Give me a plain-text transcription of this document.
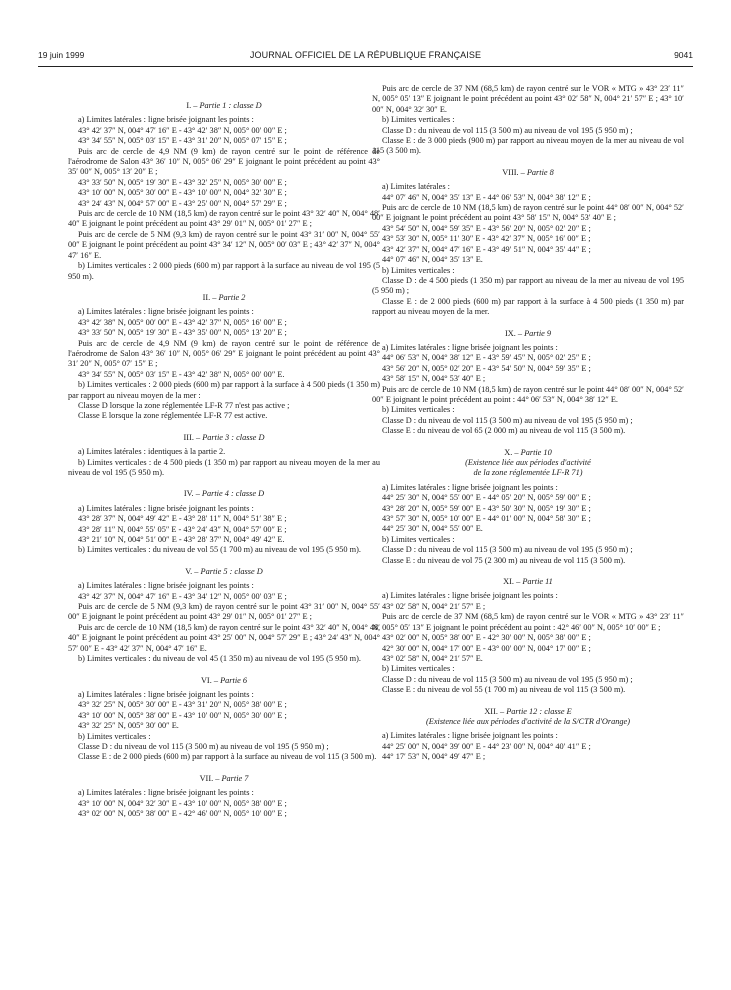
19 juin 1999	JOURNAL OFFICIEL DE LA RÉPUBLIQUE FRANÇAISE	9041

I. – Partie 1 : classe D

a) Limites latérales : ligne brisée joignant les points :

43° 42′ 37″ N, 004° 47′ 16″ E - 43° 42′ 38″ N, 005° 00′ 00″ E ;

43° 34′ 55″ N, 005° 03′ 15″ E - 43° 31′ 20″ N, 005° 07′ 15″ E ;

Puis arc de cercle de 4,9 NM (9 km) de rayon centré sur le point de référence de l'aérodrome de Salon 43° 36′ 10″ N, 005° 06′ 29″ E joignant le point précédent au point 43° 35′ 00″ N, 005° 13′ 20″ E ;

43° 33′ 50″ N, 005° 19′ 30″ E - 43° 32′ 25″ N, 005° 30′ 00″ E ;

43° 10′ 00″ N, 005° 30′ 00″ E - 43° 10′ 00″ N, 004° 32′ 30″ E ;

43° 24′ 43″ N, 004° 57′ 00″ E - 43° 25′ 00″ N, 004° 57′ 29″ E ;

Puis arc de cercle de 10 NM (18,5 km) de rayon centré sur le point 43° 32′ 40″ N, 004° 48′ 40″ E joignant le point précédent au point 43° 29′ 01″ N, 005° 01′ 27″ E ;

Puis arc de cercle de 5 NM (9,3 km) de rayon centré sur le point 43° 31′ 00″ N, 004° 55′ 00″ E joignant le point précédent au point 43° 34′ 12″ N, 005° 00′ 03″ E ; 43° 42′ 37″ N, 004° 47′ 16″ E.

b) Limites verticales : 2 000 pieds (600 m) par rapport à la surface au niveau de vol 195 (5 950 m).

II. – Partie 2

a) Limites latérales : ligne brisée joignant les points :

43° 42′ 38″ N, 005° 00′ 00″ E - 43° 42′ 37″ N, 005° 16′ 00″ E ;

43° 33′ 50″ N, 005° 19′ 30″ E - 43° 35′ 00″ N, 005° 13′ 20″ E ;

Puis arc de cercle de 4,9 NM (9 km) de rayon centré sur le point de référence de l'aérodrome de Salon 43° 36′ 10″ N, 005° 06′ 29″ E joignant le point précédent au point 43° 31′ 20″ N, 005° 07′ 15″ E ;

43° 34′ 55″ N, 005° 03′ 15″ E - 43° 42′ 38″ N, 005° 00′ 00″ E.

b) Limites verticales : 2 000 pieds (600 m) par rapport à la surface à 4 500 pieds (1 350 m) par rapport au niveau moyen de la mer :

Classe D lorsque la zone réglementée LF-R 77 n'est pas active ;

Classe E lorsque la zone réglementée LF-R 77 est active.

III. – Partie 3 : classe D

a) Limites latérales : identiques à la partie 2.

b) Limites verticales : de 4 500 pieds (1 350 m) par rapport au niveau moyen de la mer au niveau de vol 195 (5 950 m).

IV. – Partie 4 : classe D

a) Limites latérales : ligne brisée joignant les points :

43° 28′ 37″ N, 004° 49′ 42″ E - 43° 28′ 11″ N, 004° 51′ 38″ E ;

43° 28′ 11″ N, 004° 55′ 05″ E - 43° 24′ 43″ N, 004° 57′ 00″ E ;

43° 21′ 10″ N, 004° 51′ 00″ E - 43° 28′ 37″ N, 004° 49′ 42″ E.

b) Limites verticales : du niveau de vol 55 (1 700 m) au niveau de vol 195 (5 950 m).

V. – Partie 5 : classe D

a) Limites latérales : ligne brisée joignant les points :

43° 42′ 37″ N, 004° 47′ 16″ E - 43° 34′ 12″ N, 005° 00′ 03″ E ;

Puis arc de cercle de 5 NM (9,3 km) de rayon centré sur le point 43° 31′ 00″ N, 004° 55′ 00″ E joignant le point précédent au point 43° 29′ 01″ N, 005° 01′ 27″ E ;

Puis arc de cercle de 10 NM (18,5 km) de rayon centré sur le point 43° 32′ 40″ N, 004° 48′ 40″ E joignant le point précédent au point 43° 25′ 00″ N, 004° 57′ 29″ E ; 43° 24′ 43″ N, 004° 57′ 00″ E - 43° 42′ 37″ N, 004° 47′ 16″ E.

b) Limites verticales : du niveau de vol 45 (1 350 m) au niveau de vol 195 (5 950 m).

VI. – Partie 6

a) Limites latérales : ligne brisée joignant les points :

43° 32′ 25″ N, 005° 30′ 00″ E - 43° 31′ 20″ N, 005° 38′ 00″ E ;

43° 10′ 00″ N, 005° 38′ 00″ E - 43° 10′ 00″ N, 005° 30′ 00″ E ;

43° 32′ 25″ N, 005° 30′ 00″ E.

b) Limites verticales :

Classe D : du niveau de vol 115 (3 500 m) au niveau de vol 195 (5 950 m) ;

Classe E : de 2 000 pieds (600 m) par rapport à la surface au niveau de vol 115 (3 500 m).

VII. – Partie 7

a) Limites latérales : ligne brisée joignant les points :

43° 10′ 00″ N, 004° 32′ 30″ E - 43° 10′ 00″ N, 005° 38′ 00″ E ;

43° 02′ 00″ N, 005° 38′ 00″ E - 42° 46′ 00″ N, 005° 10′ 00″ E ;

Puis arc de cercle de 37 NM (68,5 km) de rayon centré sur le VOR « MTG » 43° 23′ 11″ N, 005° 05′ 13″ E joignant le point précédent au point 43° 02′ 58″ N, 004° 21′ 57″ E ; 43° 10′ 00″ N, 004° 32′ 30″ E.

b) Limites verticales :

Classe D : du niveau de vol 115 (3 500 m) au niveau de vol 195 (5 950 m) ;

Classe E : de 3 000 pieds (900 m) par rapport au niveau moyen de la mer au niveau de vol 115 (3 500 m).

VIII. – Partie 8

a) Limites latérales :

44° 07′ 46″ N, 004° 35′ 13″ E - 44° 06′ 53″ N, 004° 38′ 12″ E ;

Puis arc de cercle de 10 NM (18,5 km) de rayon centré sur le point 44° 08′ 00″ N, 004° 52′ 00″ E joignant le point précédent au point 43° 58′ 15″ N, 004° 53′ 40″ E ;

43° 54′ 50″ N, 004° 59′ 35″ E - 43° 56′ 20″ N, 005° 02′ 20″ E ;

43° 53′ 30″ N, 005° 11′ 30″ E - 43° 42′ 37″ N, 005° 16′ 00″ E ;

43° 42′ 37″ N, 004° 47′ 16″ E - 43° 49′ 51″ N, 004° 35′ 44″ E ;

44° 07′ 46″ N, 004° 35′ 13″ E.

b) Limites verticales :

Classe D : de 4 500 pieds (1 350 m) par rapport au niveau de la mer au niveau de vol 195 (5 950 m) ;

Classe E : de 2 000 pieds (600 m) par rapport à la surface à 4 500 pieds (1 350 m) par rapport au niveau moyen de la mer.

IX. – Partie 9

a) Limites latérales : ligne brisée joignant les points :

44° 06′ 53″ N, 004° 38′ 12″ E - 43° 59′ 45″ N, 005° 02′ 25″ E ;

43° 56′ 20″ N, 005° 02′ 20″ E - 43° 54′ 50″ N, 004° 59′ 35″ E ;

43° 58′ 15″ N, 004° 53′ 40″ E ;

Puis arc de cercle de 10 NM (18,5 km) de rayon centré sur le point 44° 08′ 00″ N, 004° 52′ 00″ E joignant le point précédent au point : 44° 06′ 53″ N, 004° 38′ 12″ E.

b) Limites verticales :

Classe D : du niveau de vol 115 (3 500 m) au niveau de vol 195 (5 950 m) ;

Classe E : du niveau de vol 65 (2 000 m) au niveau de vol 115 (3 500 m).

X. – Partie 10

(Existence liée aux périodes d'activité

de la zone réglementée LF-R 71)

a) Limites latérales : ligne brisée joignant les points :

44° 25′ 30″ N, 004° 55′ 00″ E - 44° 05′ 20″ N, 005° 59′ 00″ E ;

43° 28′ 20″ N, 005° 59′ 00″ E - 43° 50′ 30″ N, 005° 19′ 30″ E ;

43° 57′ 30″ N, 005° 10′ 00″ E - 44° 01′ 00″ N, 004° 58′ 30″ E ;

44° 25′ 30″ N, 004° 55′ 00″ E.

b) Limites verticales :

Classe D : du niveau de vol 115 (3 500 m) au niveau de vol 195 (5 950 m) ;

Classe E : du niveau de vol 75 (2 300 m) au niveau de vol 115 (3 500 m).

XI. – Partie 11

a) Limites latérales : ligne brisée joignant les points :

43° 02′ 58″ N, 004° 21′ 57″ E ;

Puis arc de cercle de 37 NM (68,5 km) de rayon centré sur le VOR « MTG » 43° 23′ 11″ N, 005° 05′ 13″ E joignant le point précédent au point : 42° 46′ 00″ N, 005° 10′ 00″ E ;

43° 02′ 00″ N, 005° 38′ 00″ E - 42° 30′ 00″ N, 005° 38′ 00″ E ;

42° 30′ 00″ N, 004° 17′ 00″ E - 43° 00′ 00″ N, 004° 17′ 00″ E ;

43° 02′ 58″ N, 004° 21′ 57″ E.

b) Limites verticales :

Classe D : du niveau de vol 115 (3 500 m) au niveau de vol 195 (5 950 m) ;

Classe E : du niveau de vol 55 (1 700 m) au niveau de vol 115 (3 500 m).

XII. – Partie 12 : classe E

(Existence liée aux périodes d'activité de la S/CTR d'Orange)

a) Limites latérales : ligne brisée joignant les points :

44° 25′ 00″ N, 004° 39′ 00″ E - 44° 23′ 00″ N, 004° 40′ 41″ E ;

44° 17′ 53″ N, 004° 49′ 47″ E ;
